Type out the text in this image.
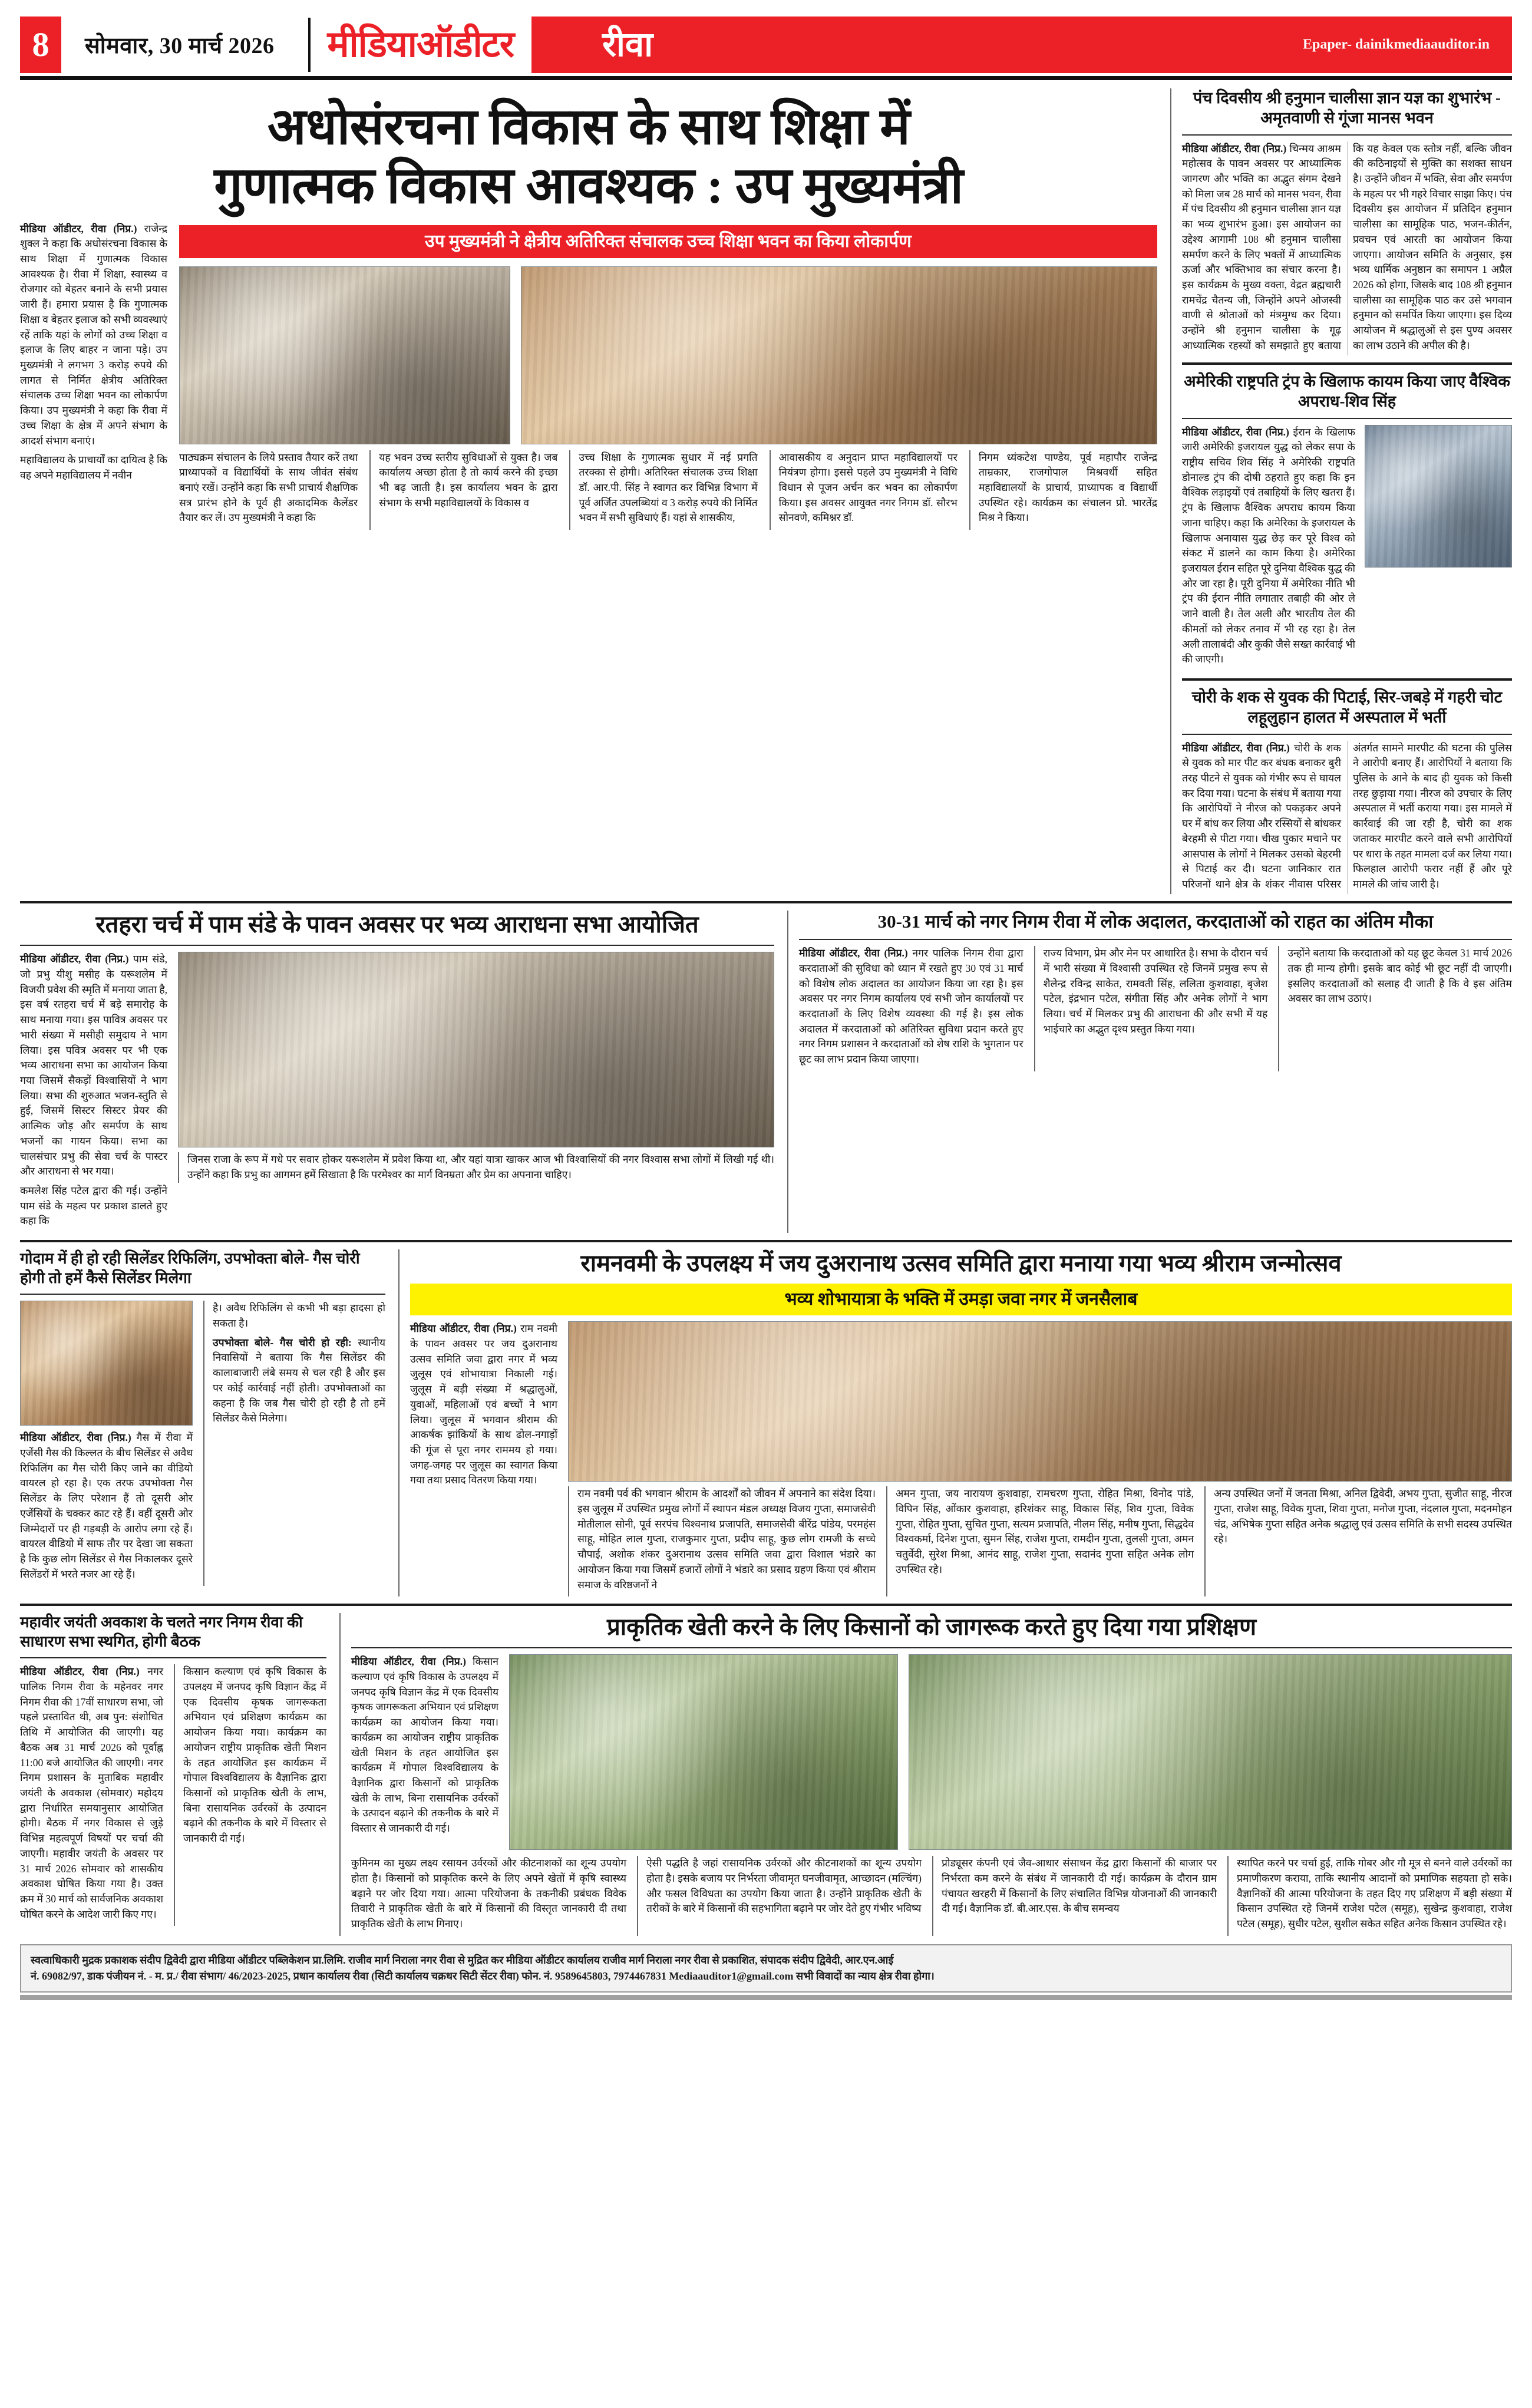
8	सोमवार, 30 मार्च 2026	मीडियाऑडीटर	रीवा	Epaper- dainikmediaauditor.in
अधोसंरचना विकास के साथ शिक्षा में
गुणात्मक विकास आवश्यक : उप मुख्यमंत्री

मीडिया ऑडीटर, रीवा (निप्र.) राजेन्द्र शुक्ल ने कहा कि अधोसंरचना विकास के साथ शिक्षा में गुणात्मक विकास आवश्यक है। रीवा में शिक्षा, स्वास्थ्य व रोजगार को बेहतर बनाने के सभी प्रयास जारी हैं। हमारा प्रयास है कि गुणात्मक शिक्षा व बेहतर इलाज को सभी व्यवस्थाएं रहें ताकि यहां के लोगों को उच्च शिक्षा व इलाज के लिए बाहर न जाना पड़े। उप मुख्यमंत्री ने लगभग 3 करोड़ रुपये की लागत से निर्मित क्षेत्रीय अतिरिक्त संचालक उच्च शिक्षा भवन का लोकार्पण किया। उप मुख्यमंत्री ने कहा कि रीवा में उच्च शिक्षा के क्षेत्र में अपने संभाग के आदर्श संभाग बनाएं।

महाविद्यालय के प्राचार्यों का दायित्व है कि वह अपने महाविद्यालय में नवीन

उप मुख्यमंत्री ने क्षेत्रीय अतिरिक्त संचालक उच्च शिक्षा भवन का किया लोकार्पण

पाठ्यक्रम संचालन के लिये प्रस्ताव तैयार करें तथा प्राध्यापकों व विद्यार्थियों के साथ जीवंत संबंध बनाएं रखें। उन्होंने कहा कि सभी प्राचार्य शैक्षणिक सत्र प्रारंभ होने के पूर्व ही अकादमिक कैलेंडर तैयार कर लें। उप मुख्यमंत्री ने कहा कि

यह भवन उच्च स्तरीय सुविधाओं से युक्त है। जब कार्यालय अच्छा होता है तो कार्य करने की इच्छा भी बढ़ जाती है। इस कार्यालय भवन के द्वारा संभाग के सभी महाविद्यालयों के विकास व

उच्च शिक्षा के गुणात्मक सुधार में नई प्रगति तरक्का से होगी। अतिरिक्त संचालक उच्च शिक्षा डॉ. आर.पी. सिंह ने स्वागत कर विभिन्न विभाग में पूर्व अर्जित उपलब्धियां व 3 करोड़ रुपये की निर्मित भवन में सभी सुविधाएं हैं। यहां से शासकीय,

आवासकीय व अनुदान प्राप्त महाविद्यालयों पर नियंत्रण होगा। इससे पहले उप मुख्यमंत्री ने विधि विधान से पूजन अर्चन कर भवन का लोकार्पण किया। इस अवसर आयुक्त नगर निगम डॉ. सौरभ सोनवणे, कमिश्नर डॉ.

निगम ध्यंकटेश पाण्डेय, पूर्व महापौर राजेन्द्र ताम्रकार, राजगोपाल मिश्रवर्धी सहित महाविद्यालयों के प्राचार्य, प्राध्यापक व विद्यार्थी उपस्थित रहे। कार्यक्रम का संचालन प्रो. भारतेंद्र मिश्र ने किया।

पंच दिवसीय श्री हनुमान चालीसा ज्ञान यज्ञ का शुभारंभ - अमृतवाणी से गूंजा मानस भवन

मीडिया ऑडीटर, रीवा (निप्र.) चिन्मय आश्रम महोत्सव के पावन अवसर पर आध्यात्मिक जागरण और भक्ति का अद्भुत संगम देखने को मिला जब 28 मार्च को मानस भवन, रीवा में पंच दिवसीय श्री हनुमान चालीसा ज्ञान यज्ञ का भव्य शुभारंभ हुआ। इस आयोजन का उद्देश्य आगामी 108 श्री हनुमान चालीसा समर्पण करने के लिए भक्तों में आध्यात्मिक ऊर्जा और भक्तिभाव का संचार करना है। इस कार्यक्रम के मुख्य वक्ता, वेद्रत ब्रह्मचारी रामचेंद्र चैतन्य जी, जिन्होंने अपने ओजस्वी वाणी से श्रोताओं को मंत्रमुग्ध कर दिया। उन्होंने श्री हनुमान चालीसा के गूढ़ आध्यात्मिक रहस्यों को समझाते हुए बताया कि यह केवल एक स्तोत्र नहीं, बल्कि जीवन की कठिनाइयों से मुक्ति का सशक्त साधन है। उन्होंने जीवन में भक्ति, सेवा और समर्पण के महत्व पर भी गहरे विचार साझा किए। पंच दिवसीय इस आयोजन में प्रतिदिन हनुमान चालीसा का सामूहिक पाठ, भजन-कीर्तन, प्रवचन एवं आरती का आयोजन किया जाएगा। आयोजन समिति के अनुसार, इस भव्य धार्मिक अनुष्ठान का समापन 1 अप्रैल 2026 को होगा, जिसके बाद 108 श्री हनुमान चालीसा का सामूहिक पाठ कर उसे भगवान हनुमान को समर्पित किया जाएगा। इस दिव्य आयोजन में श्रद्धालुओं से इस पुण्य अवसर का लाभ उठाने की अपील की है।

अमेरिकी राष्ट्रपति ट्रंप के खिलाफ कायम किया जाए वैश्विक अपराध-शिव सिंह

मीडिया ऑडीटर, रीवा (निप्र.) ईरान के खिलाफ जारी अमेरिकी इजरायल युद्ध को लेकर सपा के राष्ट्रीय सचिव शिव सिंह ने अमेरिकी राष्ट्रपति डोनाल्ड ट्रंप की दोषी ठहराते हुए कहा कि इन वैश्विक लड़ाइयों एवं तबाहियों के लिए खतरा हैं। ट्रंप के खिलाफ वैश्विक अपराध कायम किया जाना चाहिए। कहा कि अमेरिका के इजरायल के खिलाफ अनायास युद्ध छेड़ कर पूरे विश्व को संकट में डालने का काम किया है। अमेरिका इजरायल ईरान सहित पूरे दुनिया वैश्विक युद्ध की ओर जा रहा है। पूरी दुनिया में अमेरिका नीति भी ट्रंप की ईरान नीति लगातार तबाही की ओर ले जाने वाली है। तेल अली और भारतीय तेल की कीमतों को लेकर तनाव में भी रह रहा है। तेल अली तालाबंदी और कुकी जैसे सख्त कार्रवाई भी की जाएगी।

चोरी के शक से युवक की पिटाई, सिर-जबड़े में गहरी चोट लहूलुहान हालत में अस्पताल में भर्ती

मीडिया ऑडीटर, रीवा (निप्र.) चोरी के शक से युवक को मार पीट कर बंधक बनाकर बुरी तरह पीटने से युवक को गंभीर रूप से घायल कर दिया गया। घटना के संबंध में बताया गया कि आरोपियों ने नीरज को पकड़कर अपने घर में बांध कर लिया और रस्सियों से बांधकर बेरहमी से पीटा गया। चीख पुकार मचाने पर आसपास के लोगों ने मिलकर उसको बेहरमी से पिटाई कर दी। घटना जानिकार रात परिजनों थाने क्षेत्र के शंकर नीवास परिसर अंतर्गत सामने मारपीट की घटना की पुलिस ने आरोपी बनाए हैं। आरोपियों ने बताया कि पुलिस के आने के बाद ही युवक को किसी तरह छुड़ाया गया। नीरज को उपचार के लिए अस्पताल में भर्ती कराया गया। इस मामले में कार्रवाई की जा रही है, चोरी का शक जताकर मारपीट करने वाले सभी आरोपियों पर धारा के तहत मामला दर्ज कर लिया गया। फिलहाल आरोपी फरार नहीं हैं और पूरे मामले की जांच जारी है।

रतहरा चर्च में पाम संडे के पावन अवसर पर भव्य आराधना सभा आयोजित

मीडिया ऑडीटर, रीवा (निप्र.) पाम संडे, जो प्रभु यीशु मसीह के यरूशलेम में विजयी प्रवेश की स्मृति में मनाया जाता है, इस वर्ष रतहरा चर्च में बड़े समारोह के साथ मनाया गया। इस पावित्र अवसर पर भारी संख्या में मसीही समुदाय ने भाग लिया। इस पवित्र अवसर पर भी एक भव्य आराधना सभा का आयोजन किया गया जिसमें सैकड़ों विश्वासियों ने भाग लिया। सभा की शुरुआत भजन-स्तुति से हुई, जिसमें सिस्टर सिस्टर प्रेयर की आत्मिक जोड़ और समर्पण के साथ भजनों का गायन किया। सभा का चालसंचार प्रभु की सेवा चर्च के पास्टर और आराधना से भर गया।

कमलेश सिंह पटेल द्वारा की गई। उन्होंने पाम संडे के महत्व पर प्रकाश डालते हुए कहा कि

जिनस राजा के रूप में गधे पर सवार होकर यरूशलेम में प्रवेश किया था, और यहां यात्रा खाकर आज भी विश्वासियों की नगर विश्वास सभा लोगों में लिखी गई थी। उन्होंने कहा कि प्रभु का आगमन हमें सिखाता है कि परमेश्वर का मार्ग विनम्रता और प्रेम का अपनाना चाहिए।

30-31 मार्च को नगर निगम रीवा में लोक अदालत, करदाताओं को राहत का अंतिम मौका

मीडिया ऑडीटर, रीवा (निप्र.) नगर पालिक निगम रीवा द्वारा करदाताओं की सुविधा को ध्यान में रखते हुए 30 एवं 31 मार्च को विशेष लोक अदालत का आयोजन किया जा रहा है। इस अवसर पर नगर निगम कार्यालय एवं सभी जोन कार्यालयों पर करदाताओं के लिए विशेष व्यवस्था की गई है। इस लोक अदालत में करदाताओं को अतिरिक्त सुविधा प्रदान करते हुए नगर निगम प्रशासन ने करदाताओं को शेष राशि के भुगतान पर छूट का लाभ प्रदान किया जाएगा।

राज्य विभाग, प्रेम और मेन पर आधारित है। सभा के दौरान चर्च में भारी संख्या में विश्वासी उपस्थित रहे जिनमें प्रमुख रूप से शैलेन्द्र रविन्द्र साकेत, रामवती सिंह, ललिता कुशवाहा, बृजेश पटेल, इंद्रभान पटेल, संगीता सिंह और अनेक लोगों ने भाग लिया। चर्च में मिलकर प्रभु की आराधना की और सभी में यह भाईचारे का अद्भुत दृश्य प्रस्तुत किया गया।

उन्होंने बताया कि करदाताओं को यह छूट केवल 31 मार्च 2026 तक ही मान्य होगी। इसके बाद कोई भी छूट नहीं दी जाएगी। इसलिए करदाताओं को सलाह दी जाती है कि वे इस अंतिम अवसर का लाभ उठाएं।

गोदाम में ही हो रही सिलेंडर रिफिलिंग, उपभोक्ता बोले- गैस चोरी होगी तो हमें कैसे सिलेंडर मिलेगा

मीडिया ऑडीटर, रीवा (निप्र.) गैस में रीवा में एजेंसी गैस की किल्लत के बीच सिलेंडर से अवैध रिफिलिंग का गैस चोरी किए जाने का वीडियो वायरल हो रहा है। एक तरफ उपभोक्ता गैस सिलेंडर के लिए परेशान हैं तो दूसरी ओर एजेंसियों के चक्कर काट रहे हैं। वहीं दूसरी ओर जिम्मेदारों पर ही गड़बड़ी के आरोप लगा रहे हैं। वायरल वीडियो में साफ तौर पर देखा जा सकता है कि कुछ लोग सिलेंडर से गैस निकालकर दूसरे सिलेंडरों में भरते नजर आ रहे हैं।

है। अवैध रिफिलिंग से कभी भी बड़ा हादसा हो सकता है।

उपभोक्ता बोले- गैस चोरी हो रही: स्थानीय निवासियों ने बताया कि गैस सिलेंडर की कालाबाजारी लंबे समय से चल रही है और इस पर कोई कार्रवाई नहीं होती। उपभोक्ताओं का कहना है कि जब गैस चोरी हो रही है तो हमें सिलेंडर कैसे मिलेगा।

रामनवमी के उपलक्ष्य में जय दुअरानाथ उत्सव समिति द्वारा मनाया गया भव्य श्रीराम जन्मोत्सव
भव्य शोभायात्रा के भक्ति में उमड़ा जवा नगर में जनसैलाब

मीडिया ऑडीटर, रीवा (निप्र.) राम नवमी के पावन अवसर पर जय दुअरानाथ उत्सव समिति जवा द्वारा नगर में भव्य जुलूस एवं शोभायात्रा निकाली गई। जुलूस में बड़ी संख्या में श्रद्धालुओं, युवाओं, महिलाओं एवं बच्चों ने भाग लिया। जुलूस में भगवान श्रीराम की आकर्षक झांकियों के साथ ढोल-नगाड़ों की गूंज से पूरा नगर राममय हो गया। जगह-जगह पर जुलूस का स्वागत किया गया तथा प्रसाद वितरण किया गया।

राम नवमी पर्व की भगवान श्रीराम के आदर्शों को जीवन में अपनाने का संदेश दिया। इस जुलूस में उपस्थित प्रमुख लोगों में स्थापन मंडल अध्यक्ष विजय गुप्ता, समाजसेवी मोतीलाल सोनी, पूर्व सरपंच विश्वनाथ प्रजापति, समाजसेवी बीरेंद्र पांडेय, परमहंस साहू, मोहित लाल गुप्ता, राजकुमार गुप्ता, प्रदीप साहू, कुछ लोग रामजी के सच्चे चौपाई, अशोक शंकर दुअरानाथ उत्सव समिति जवा द्वारा विशाल भंडारे का आयोजन किया गया जिसमें हजारों लोगों ने भंडारे का प्रसाद ग्रहण किया एवं श्रीराम समाज के वरिष्ठजनों ने

अमन गुप्ता, जय नारायण कुशवाहा, रामचरण गुप्ता, रोहित मिश्रा, विनोद पांडे, विपिन सिंह, ओंकार कुशवाहा, हरिशंकर साहू, विकास सिंह, शिव गुप्ता, विवेक गुप्ता, रोहित गुप्ता, सुचित गुप्ता, सत्यम प्रजापति, नीलम सिंह, मनीष गुप्ता, सिद्धदेव विश्वकर्मा, दिनेश गुप्ता, सुमन सिंह, राजेश गुप्ता, रामदीन गुप्ता, तुलसी गुप्ता, अमन चतुर्वेदी, सुरेश मिश्रा, आनंद साहू, राजेश गुप्ता, सदानंद गुप्ता सहित अनेक लोग उपस्थित रहे।

अन्य उपस्थित जनों में जनता मिश्रा, अनिल द्विवेदी, अभय गुप्ता, सुजीत साहू, नीरज गुप्ता, राजेश साहू, विवेक गुप्ता, शिवा गुप्ता, मनोज गुप्ता, नंदलाल गुप्ता, मदनमोहन चंद्र, अभिषेक गुप्ता सहित अनेक श्रद्धालु एवं उत्सव समिति के सभी सदस्य उपस्थित रहे।

महावीर जयंती अवकाश के चलते नगर निगम रीवा की साधारण सभा स्थगित, होगी बैठक

मीडिया ऑडीटर, रीवा (निप्र.) नगर पालिक निगम रीवा के महेनवर नगर निगम रीवा की 17वीं साधारण सभा, जो पहले प्रस्तावित थी, अब पुन: संशोधित तिथि में आयोजित की जाएगी। यह बैठक अब 31 मार्च 2026 को पूर्वाह्न 11:00 बजे आयोजित की जाएगी। नगर निगम प्रशासन के मुताबिक महावीर जयंती के अवकाश (सोमवार) महोदय द्वारा निर्धारित समयानुसार आयोजित होगी। बैठक में नगर विकास से जुड़े विभिन्न महत्वपूर्ण विषयों पर चर्चा की जाएगी। महावीर जयंती के अवसर पर 31 मार्च 2026 सोमवार को शासकीय अवकाश घोषित किया गया है। उक्त क्रम में 30 मार्च को सार्वजनिक अवकाश घोषित करने के आदेश जारी किए गए।

किसान कल्याण एवं कृषि विकास के उपलक्ष्य में जनपद कृषि विज्ञान केंद्र में एक दिवसीय कृषक जागरूकता अभियान एवं प्रशिक्षण कार्यक्रम का आयोजन किया गया। कार्यक्रम का आयोजन राष्ट्रीय प्राकृतिक खेती मिशन के तहत आयोजित इस कार्यक्रम में गोपाल विश्वविद्यालय के वैज्ञानिक द्वारा किसानों को प्राकृतिक खेती के लाभ, बिना रासायनिक उर्वरकों के उत्पादन बढ़ाने की तकनीक के बारे में विस्तार से जानकारी दी गई।

प्राकृतिक खेती करने के लिए किसानों को जागरूक करते हुए दिया गया प्रशिक्षण

मीडिया ऑडीटर, रीवा (निप्र.) किसान कल्याण एवं कृषि विकास के उपलक्ष्य में जनपद कृषि विज्ञान केंद्र में एक दिवसीय कृषक जागरूकता अभियान एवं प्रशिक्षण कार्यक्रम का आयोजन किया गया। कार्यक्रम का आयोजन राष्ट्रीय प्राकृतिक खेती मिशन के तहत आयोजित इस कार्यक्रम में गोपाल विश्वविद्यालय के वैज्ञानिक द्वारा किसानों को प्राकृतिक खेती के लाभ, बिना रासायनिक उर्वरकों के उत्पादन बढ़ाने की तकनीक के बारे में विस्तार से जानकारी दी गई।

कुमिनम का मुख्य लक्ष्य रसायन उर्वरकों और कीटनाशकों का शून्य उपयोग होता है। किसानों को प्राकृतिक करने के लिए अपने खेतों में कृषि स्वास्थ्य बढ़ाने पर जोर दिया गया। आत्मा परियोजना के तकनीकी प्रबंधक विवेक तिवारी ने प्राकृतिक खेती के बारे में किसानों की विस्तृत जानकारी दी तथा प्राकृतिक खेती के लाभ गिनाए।

ऐसी पद्धति है जहां रासायनिक उर्वरकों और कीटनाशकों का शून्य उपयोग होता है। इसके बजाय पर निर्भरता जीवामृत घनजीवामृत, आच्छादन (मल्चिंग) और फसल विविधता का उपयोग किया जाता है। उन्होंने प्राकृतिक खेती के तरीकों के बारे में किसानों की सहभागिता बढ़ाने पर जोर देते हुए गंभीर भविष्य

प्रोड्यूसर कंपनी एवं जैव-आधार संसाधन केंद्र द्वारा किसानों की बाजार पर निर्भरता कम करने के संबंध में जानकारी दी गई। कार्यक्रम के दौरान ग्राम पंचायत खरहरी में किसानों के लिए संचालित विभिन्न योजनाओं की जानकारी दी गई। वैज्ञानिक डॉ. बी.आर.एस. के बीच समन्वय

स्थापित करने पर चर्चा हुई, ताकि गोबर और गौ मूत्र से बनने वाले उर्वरकों का प्रमाणीकरण कराया, ताकि स्थानीय आदानों को प्रमाणिक सहयता हो सके। वैज्ञानिकों की आत्मा परियोजना के तहत दिए गए प्रशिक्षण में बड़ी संख्या में किसान उपस्थित रहे जिनमें राजेश पटेल (समूह), सुखेन्द्र कुशवाहा, राजेश पटेल (समूह), सुधीर पटेल, सुशील सकेत सहित अनेक किसान उपस्थित रहे।

स्वत्वाधिकारी मुद्रक प्रकाशक संदीप द्विवेदी द्वारा मीडिया ऑडीटर पब्लिकेशन प्रा.लिमि. राजीव मार्ग निराला नगर रीवा से मुद्रित कर मीडिया ऑडीटर कार्यालय राजीव मार्ग निराला नगर रीवा से प्रकाशित, संपादक संदीप द्विवेदी, आर.एन.आई
नं. 69082/97, डाक पंजीयन नं. - म. प्र./ रीवा संभाग/ 46/2023-2025, प्रधान कार्यालय रीवा (सिटी कार्यालय चक्रधर सिटी सेंटर रीवा) फोन. नं. 9589645803, 7974467831 Mediaauditor1@gmail.com सभी विवादों का न्याय क्षेत्र रीवा होगा।
